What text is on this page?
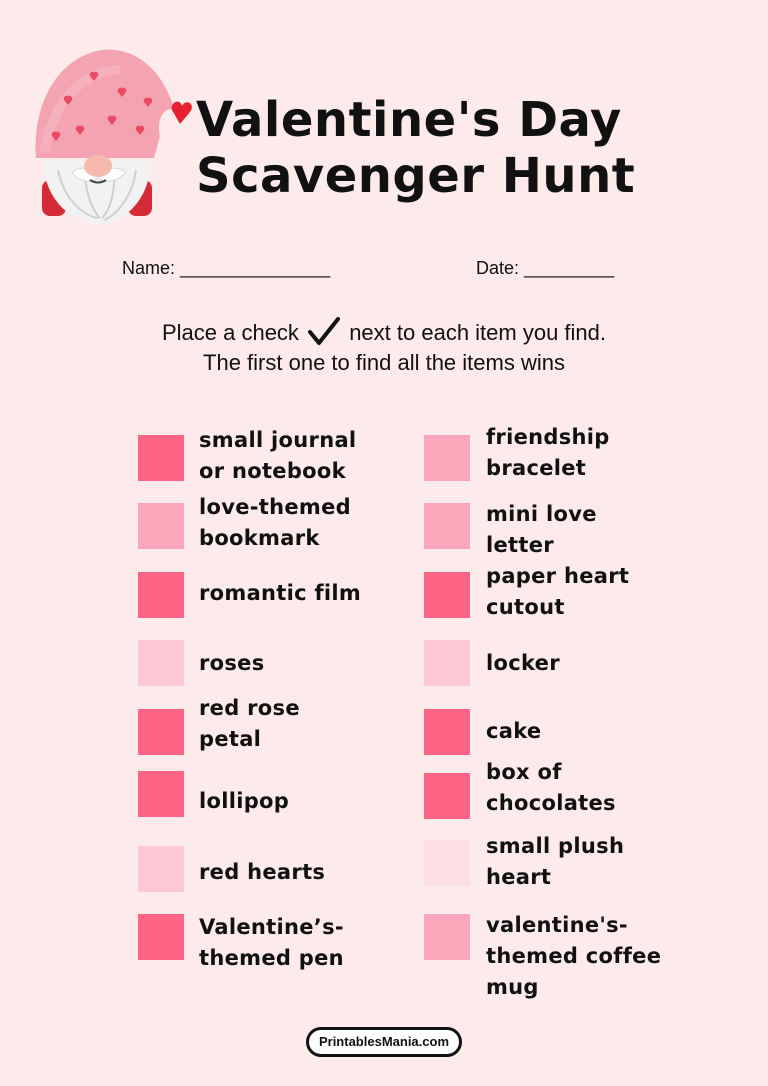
Valentine's Day
Scavenger Hunt
Name: _______________	Date: _________
Place a check next to each item you find.
The first one to find all the items wins
small journal
or notebook
love-themed
bookmark
romantic film
roses
red rose
petal
lollipop
red hearts
Valentine’s-
themed pen
friendship
bracelet
mini love
letter
paper heart
cutout
locker
cake
box of
chocolates
small plush
heart
valentine's-
themed coffee
mug
PrintablesMania.com
